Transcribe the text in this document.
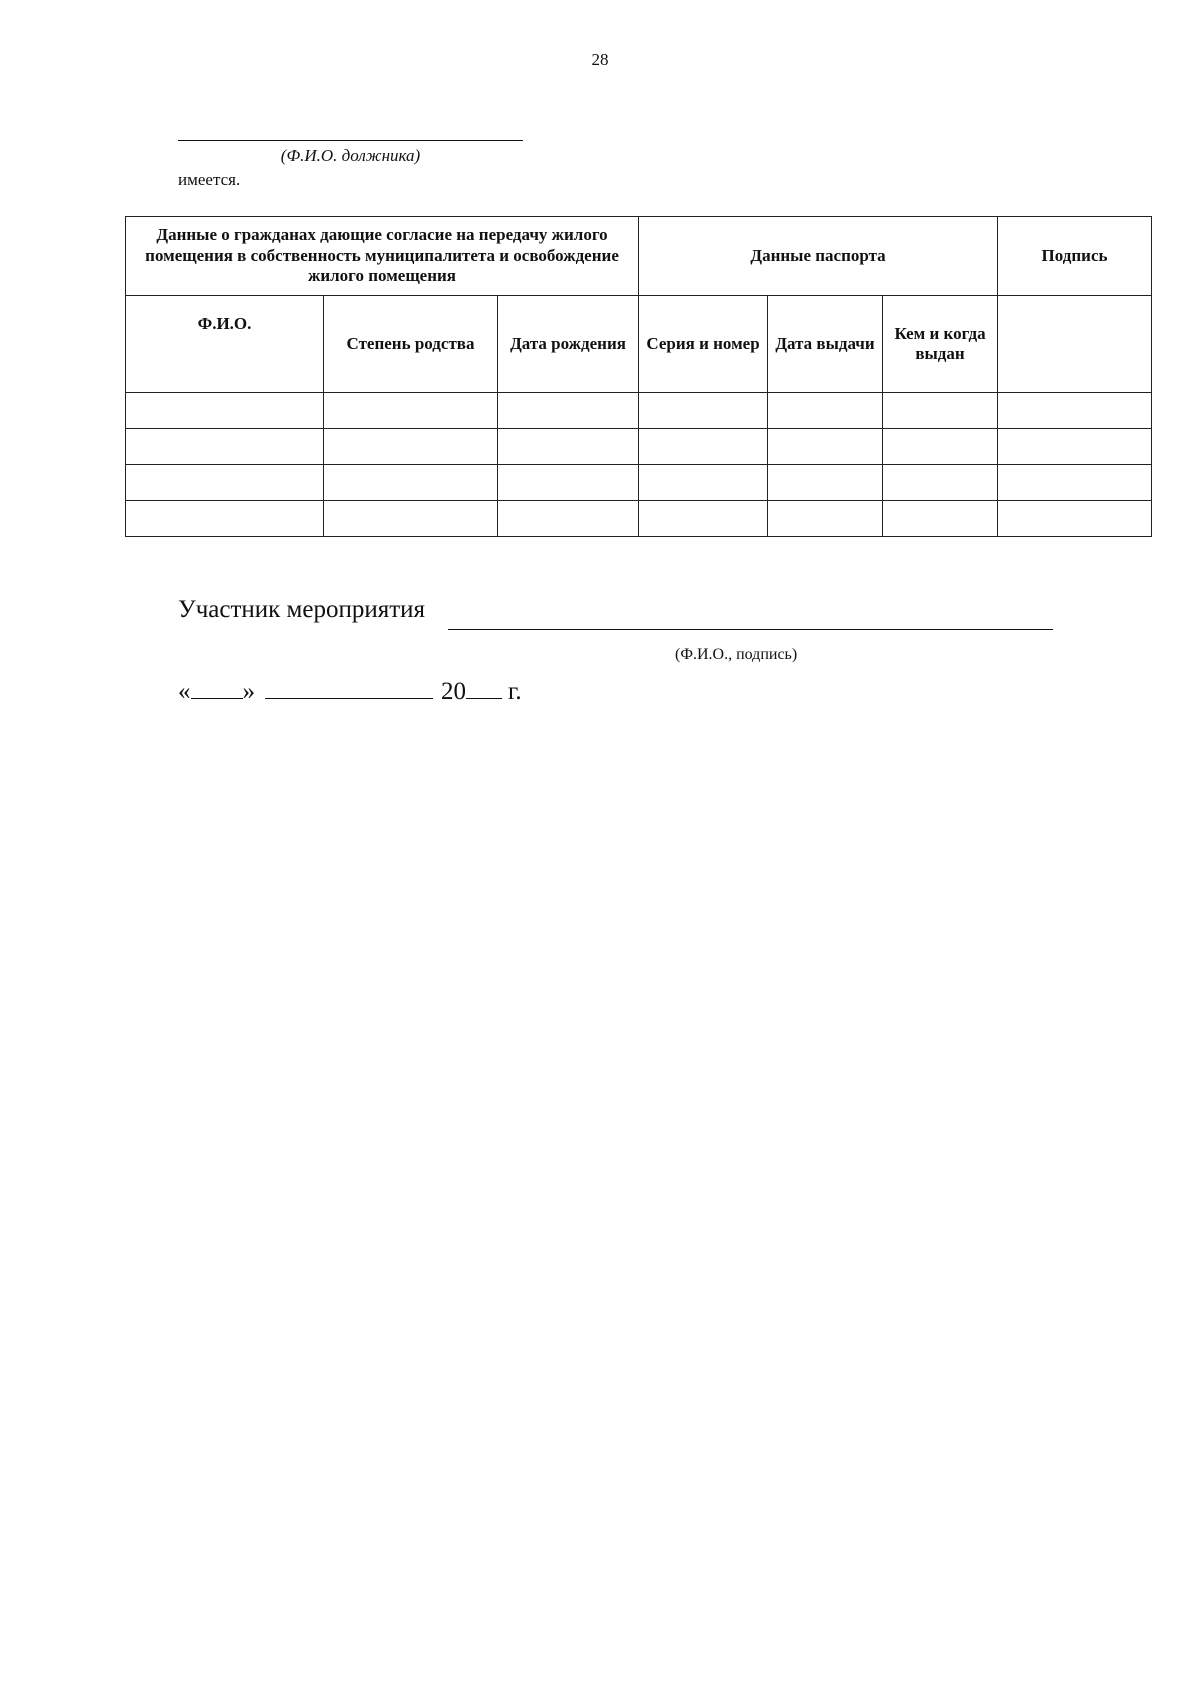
28
(Ф.И.О. должника)
имеется.
Данные о гражданах дающие согласие на передачу жилого помещения в собственность муниципалитета и освобождение жилого помещения			Данные паспорта			Подпись
Ф.И.О.	Степень родства	Дата рождения	Серия и номер	Дата выдачи	Кем и когда выдан	

Участник мероприятия
(Ф.И.О., подпись)
« »	20 г.
